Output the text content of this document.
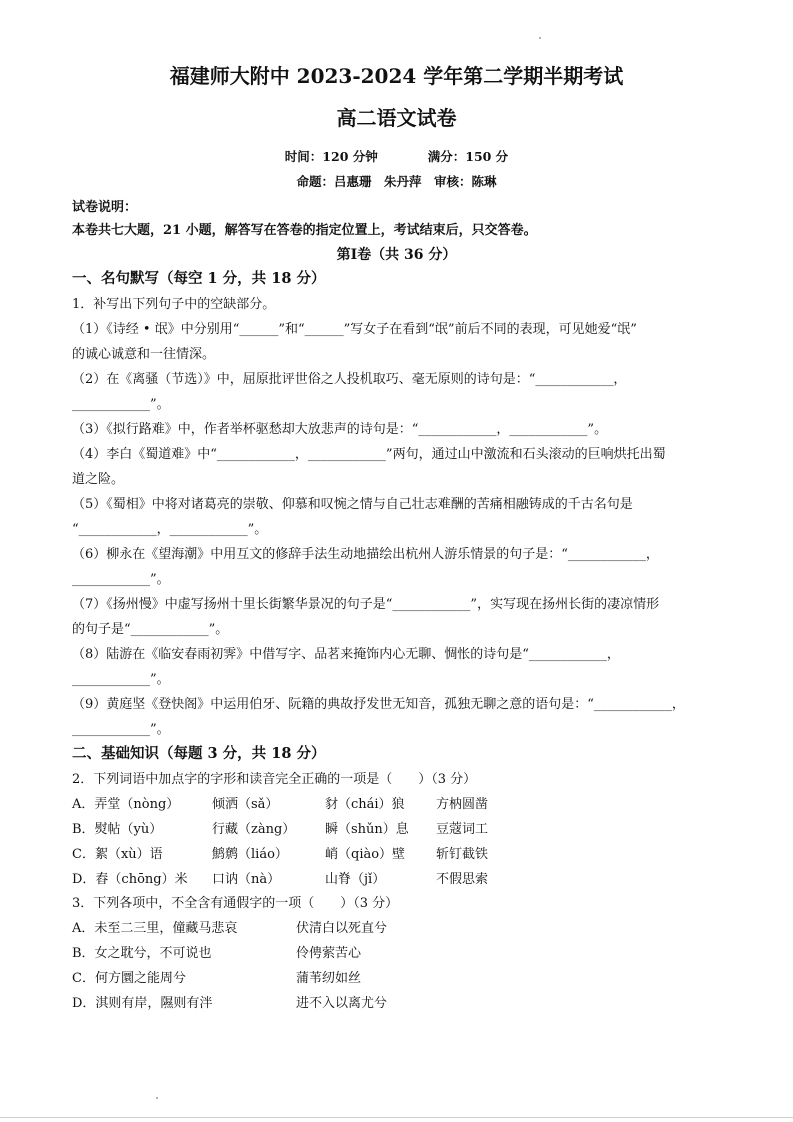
福建师大附中 2023-2024 学年第二学期半期考试
高二语文试卷
时间：120 分钟　　　　满分：150 分
命题：吕惠珊　朱丹萍　审核：陈琳
试卷说明：
本卷共七大题，21 小题，解答写在答卷的指定位置上，考试结束后，只交答卷。
第Ⅰ卷（共 36 分）
一、名句默写（每空 1 分，共 18 分）
1．补写出下列句子中的空缺部分。
（1）《诗经 • 氓》中分别用“______”和“______”写女子在看到“氓”前后不同的表现，可见她爱“氓”
的诚心诚意和一往情深。
（2）在《离骚（节选）》中，屈原批评世俗之人投机取巧、毫无原则的诗句是：“____________，
____________”。
（3）《拟行路难》中，作者举杯驱愁却大放悲声的诗句是：“____________，____________”。
（4）李白《蜀道难》中“____________，____________”两句，通过山中激流和石头滚动的巨响烘托出蜀
道之险。
（5）《蜀相》中将对诸葛亮的崇敬、仰慕和叹惋之情与自己壮志难酬的苦痛相融铸成的千古名句是
“____________，____________”。
（6）柳永在《望海潮》中用互文的修辞手法生动地描绘出杭州人游乐情景的句子是：“____________，
____________”。
（7）《扬州慢》中虚写扬州十里长街繁华景况的句子是“____________”，实写现在扬州长街的凄凉情形
的句子是“____________”。
（8）陆游在《临安春雨初霁》中借写字、品茗来掩饰内心无聊、惆怅的诗句是“____________，
____________”。
（9）黄庭坚《登快阁》中运用伯牙、阮籍的典故抒发世无知音，孤独无聊之意的语句是：“____________，
____________”。
二、基础知识（每题 3 分，共 18 分）
2．下列词语中加点字的字形和读音完全正确的一项是（　　）（3 分）
A．弄堂（nòng）	倾洒（sǎ）	豺（chái）狼 方枘圆凿
B．熨帖（yù）	行藏（zàng） 瞬（shǔn）息 豆蔻词工
C．絮（xù）语	鹪鹩（liáo）	峭（qiào）壁 斩钉截铁
D．舂（chōng）米 口讷（nà）	山脊（jǐ）	不假思索
3．下列各项中，不全含有通假字的一项（　　）（3 分）
A．未至二三里，僮藏马悲哀	伏清白以死直兮
B．女之耽兮，不可说也	伶俜萦苦心
C．何方圜之能周兮	蒲苇纫如丝
D．淇则有岸，隰则有泮	进不入以离尤兮
